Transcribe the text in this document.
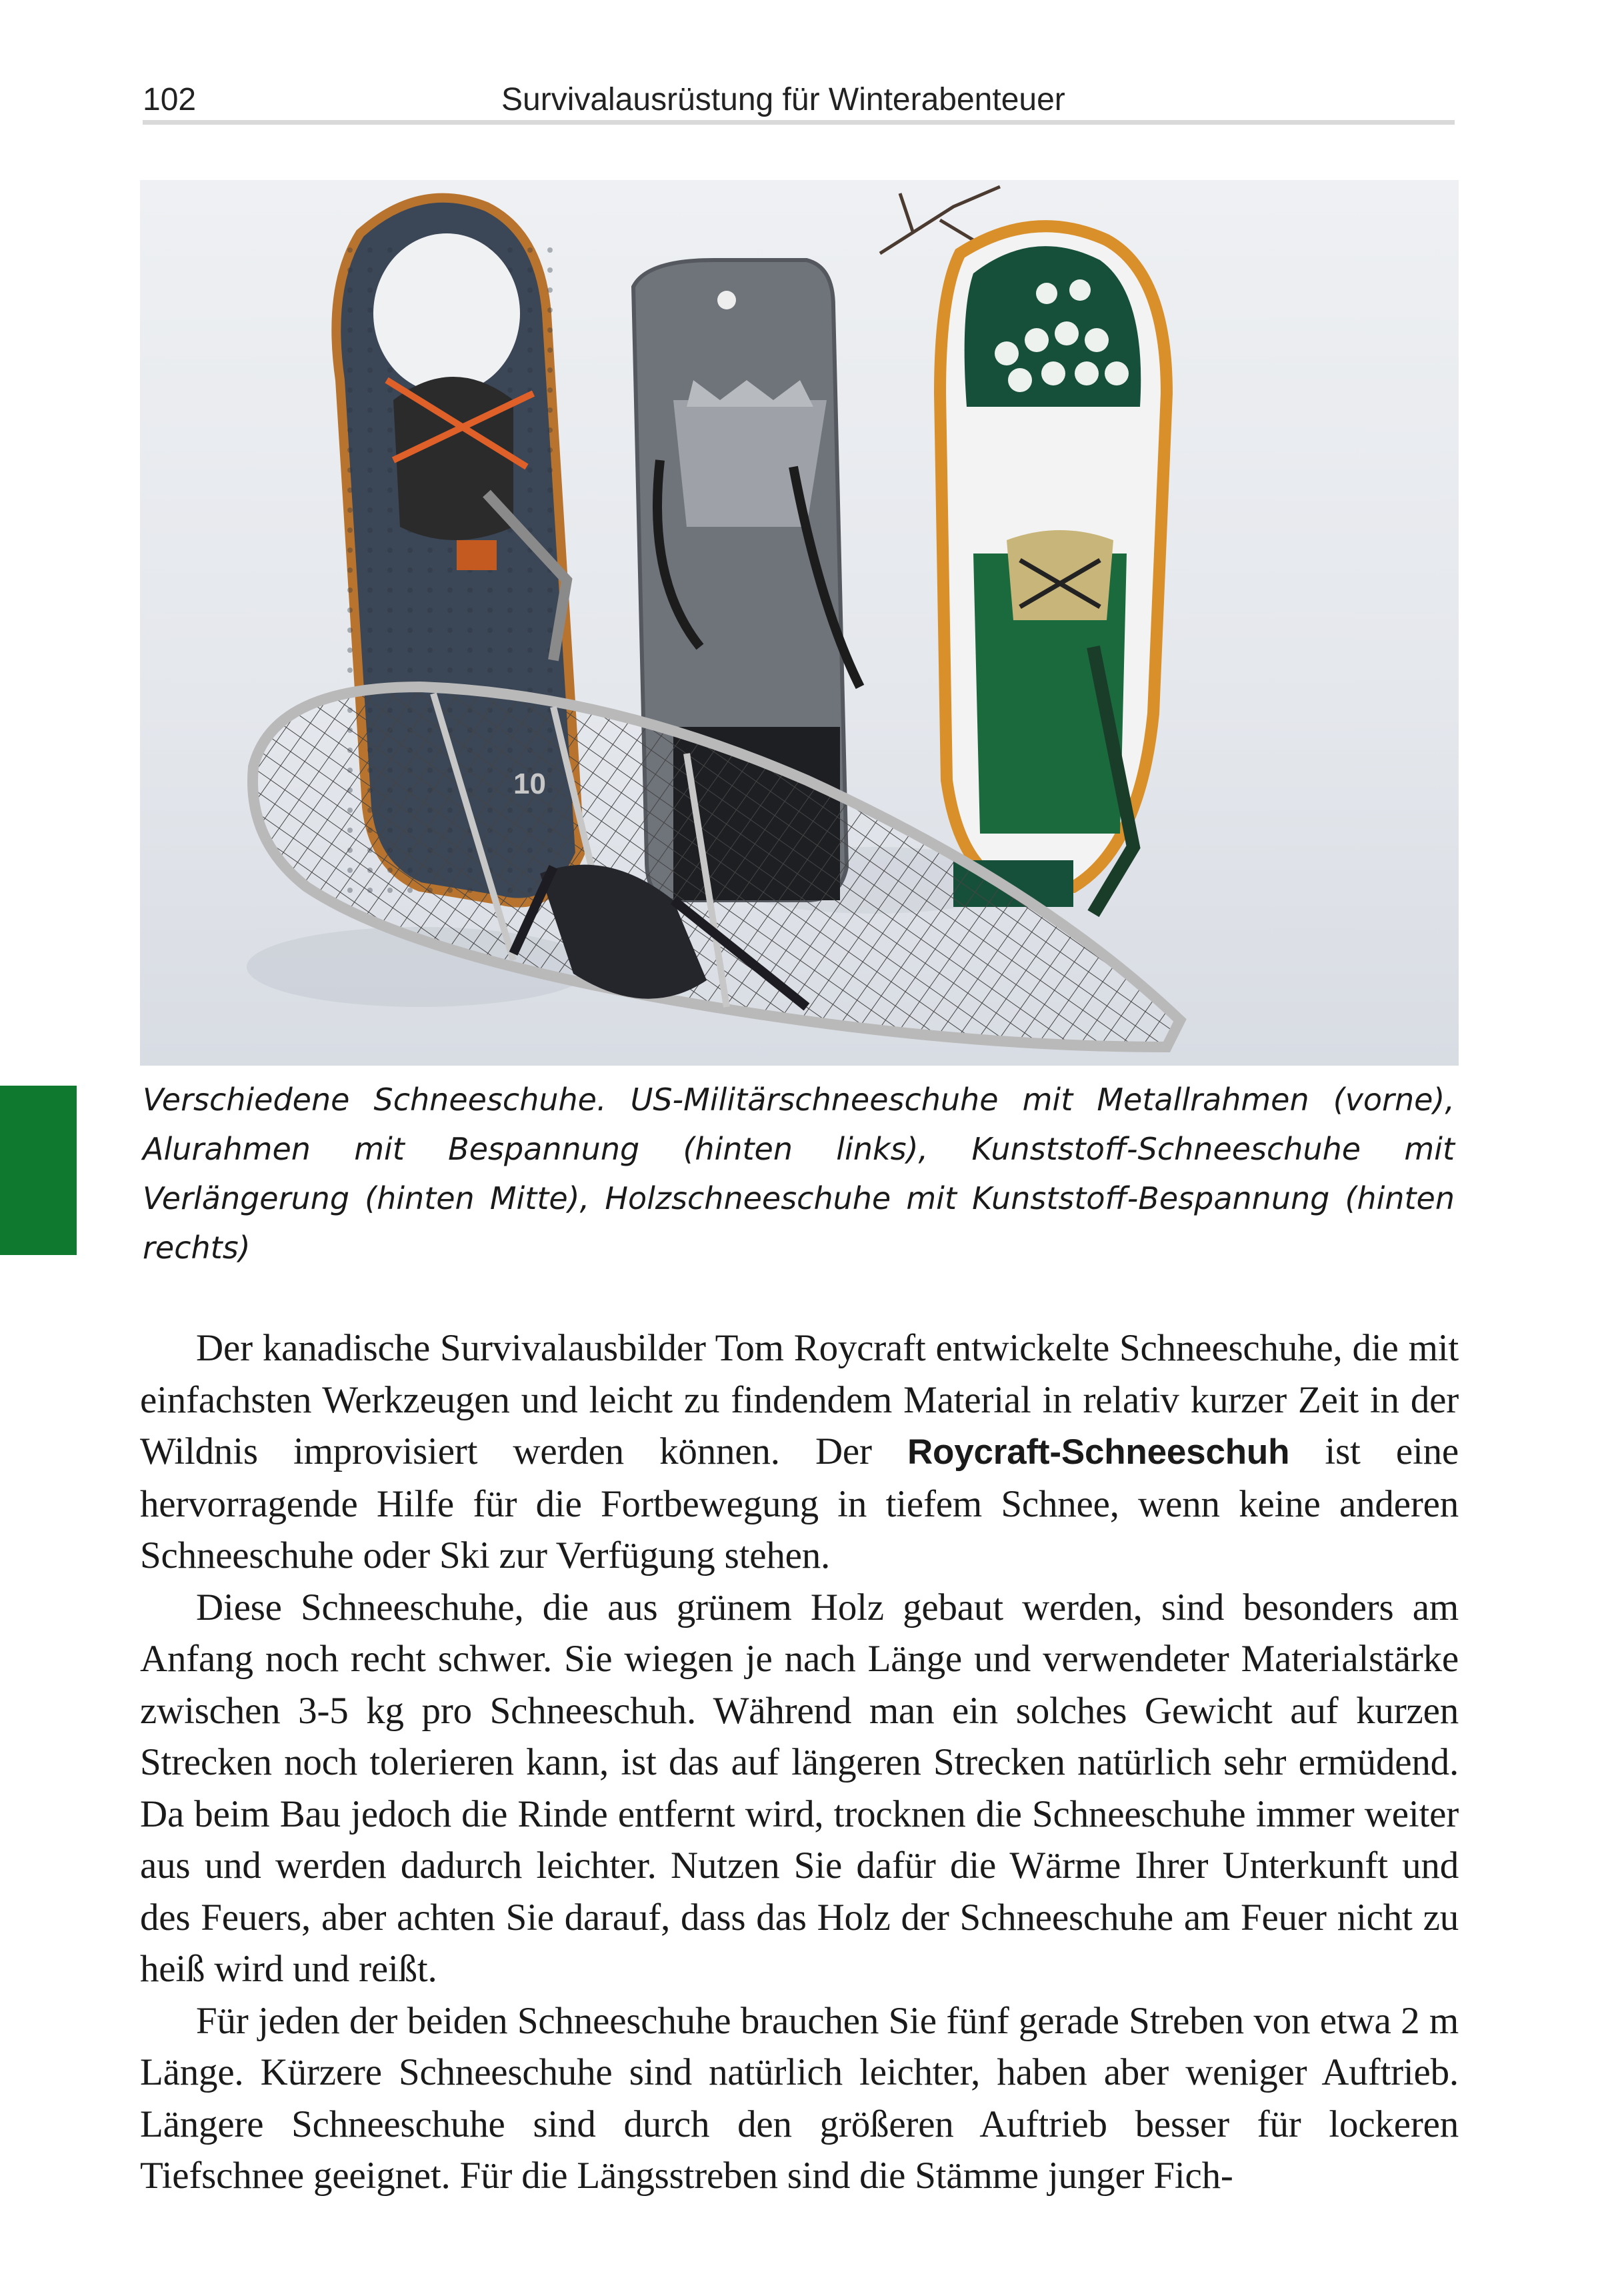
102	Survivalausrüstung für Winterabenteuer
10
Verschiedene Schneeschuhe. US-Militärschneeschuhe mit Metallrahmen (vorne), Alurahmen mit Bespannung (hinten links), Kunststoff-Schneeschuhe mit Verlängerung (hinten Mitte), Holzschneeschuhe mit Kunststoff-Bespannung (hinten rechts)

Der kanadische Survivalausbilder Tom Roycraft entwickelte Schneeschuhe, die mit einfachsten Werkzeugen und leicht zu findendem Material in relativ kurzer Zeit in der Wildnis improvisiert werden können. Der Roycraft-Schneeschuh ist eine hervorragende Hilfe für die Fortbewegung in tiefem Schnee, wenn keine anderen Schneeschuhe oder Ski zur Verfügung stehen.

Diese Schneeschuhe, die aus grünem Holz gebaut werden, sind besonders am Anfang noch recht schwer. Sie wiegen je nach Länge und verwendeter Materialstärke zwischen 3-5 kg pro Schneeschuh. Während man ein solches Gewicht auf kurzen Strecken noch tolerieren kann, ist das auf längeren Strecken natürlich sehr ermüdend. Da beim Bau jedoch die Rinde entfernt wird, trocknen die Schneeschuhe immer weiter aus und werden dadurch leichter. Nutzen Sie dafür die Wärme Ihrer Unterkunft und des Feuers, aber achten Sie darauf, dass das Holz der Schneeschuhe am Feuer nicht zu heiß wird und reißt.

Für jeden der beiden Schneeschuhe brauchen Sie fünf gerade Streben von etwa 2 m Länge. Kürzere Schneeschuhe sind natürlich leichter, haben aber weniger Auftrieb. Längere Schneeschuhe sind durch den größeren Auftrieb besser für lockeren Tiefschnee geeignet. Für die Längsstreben sind die Stämme junger Fich-
